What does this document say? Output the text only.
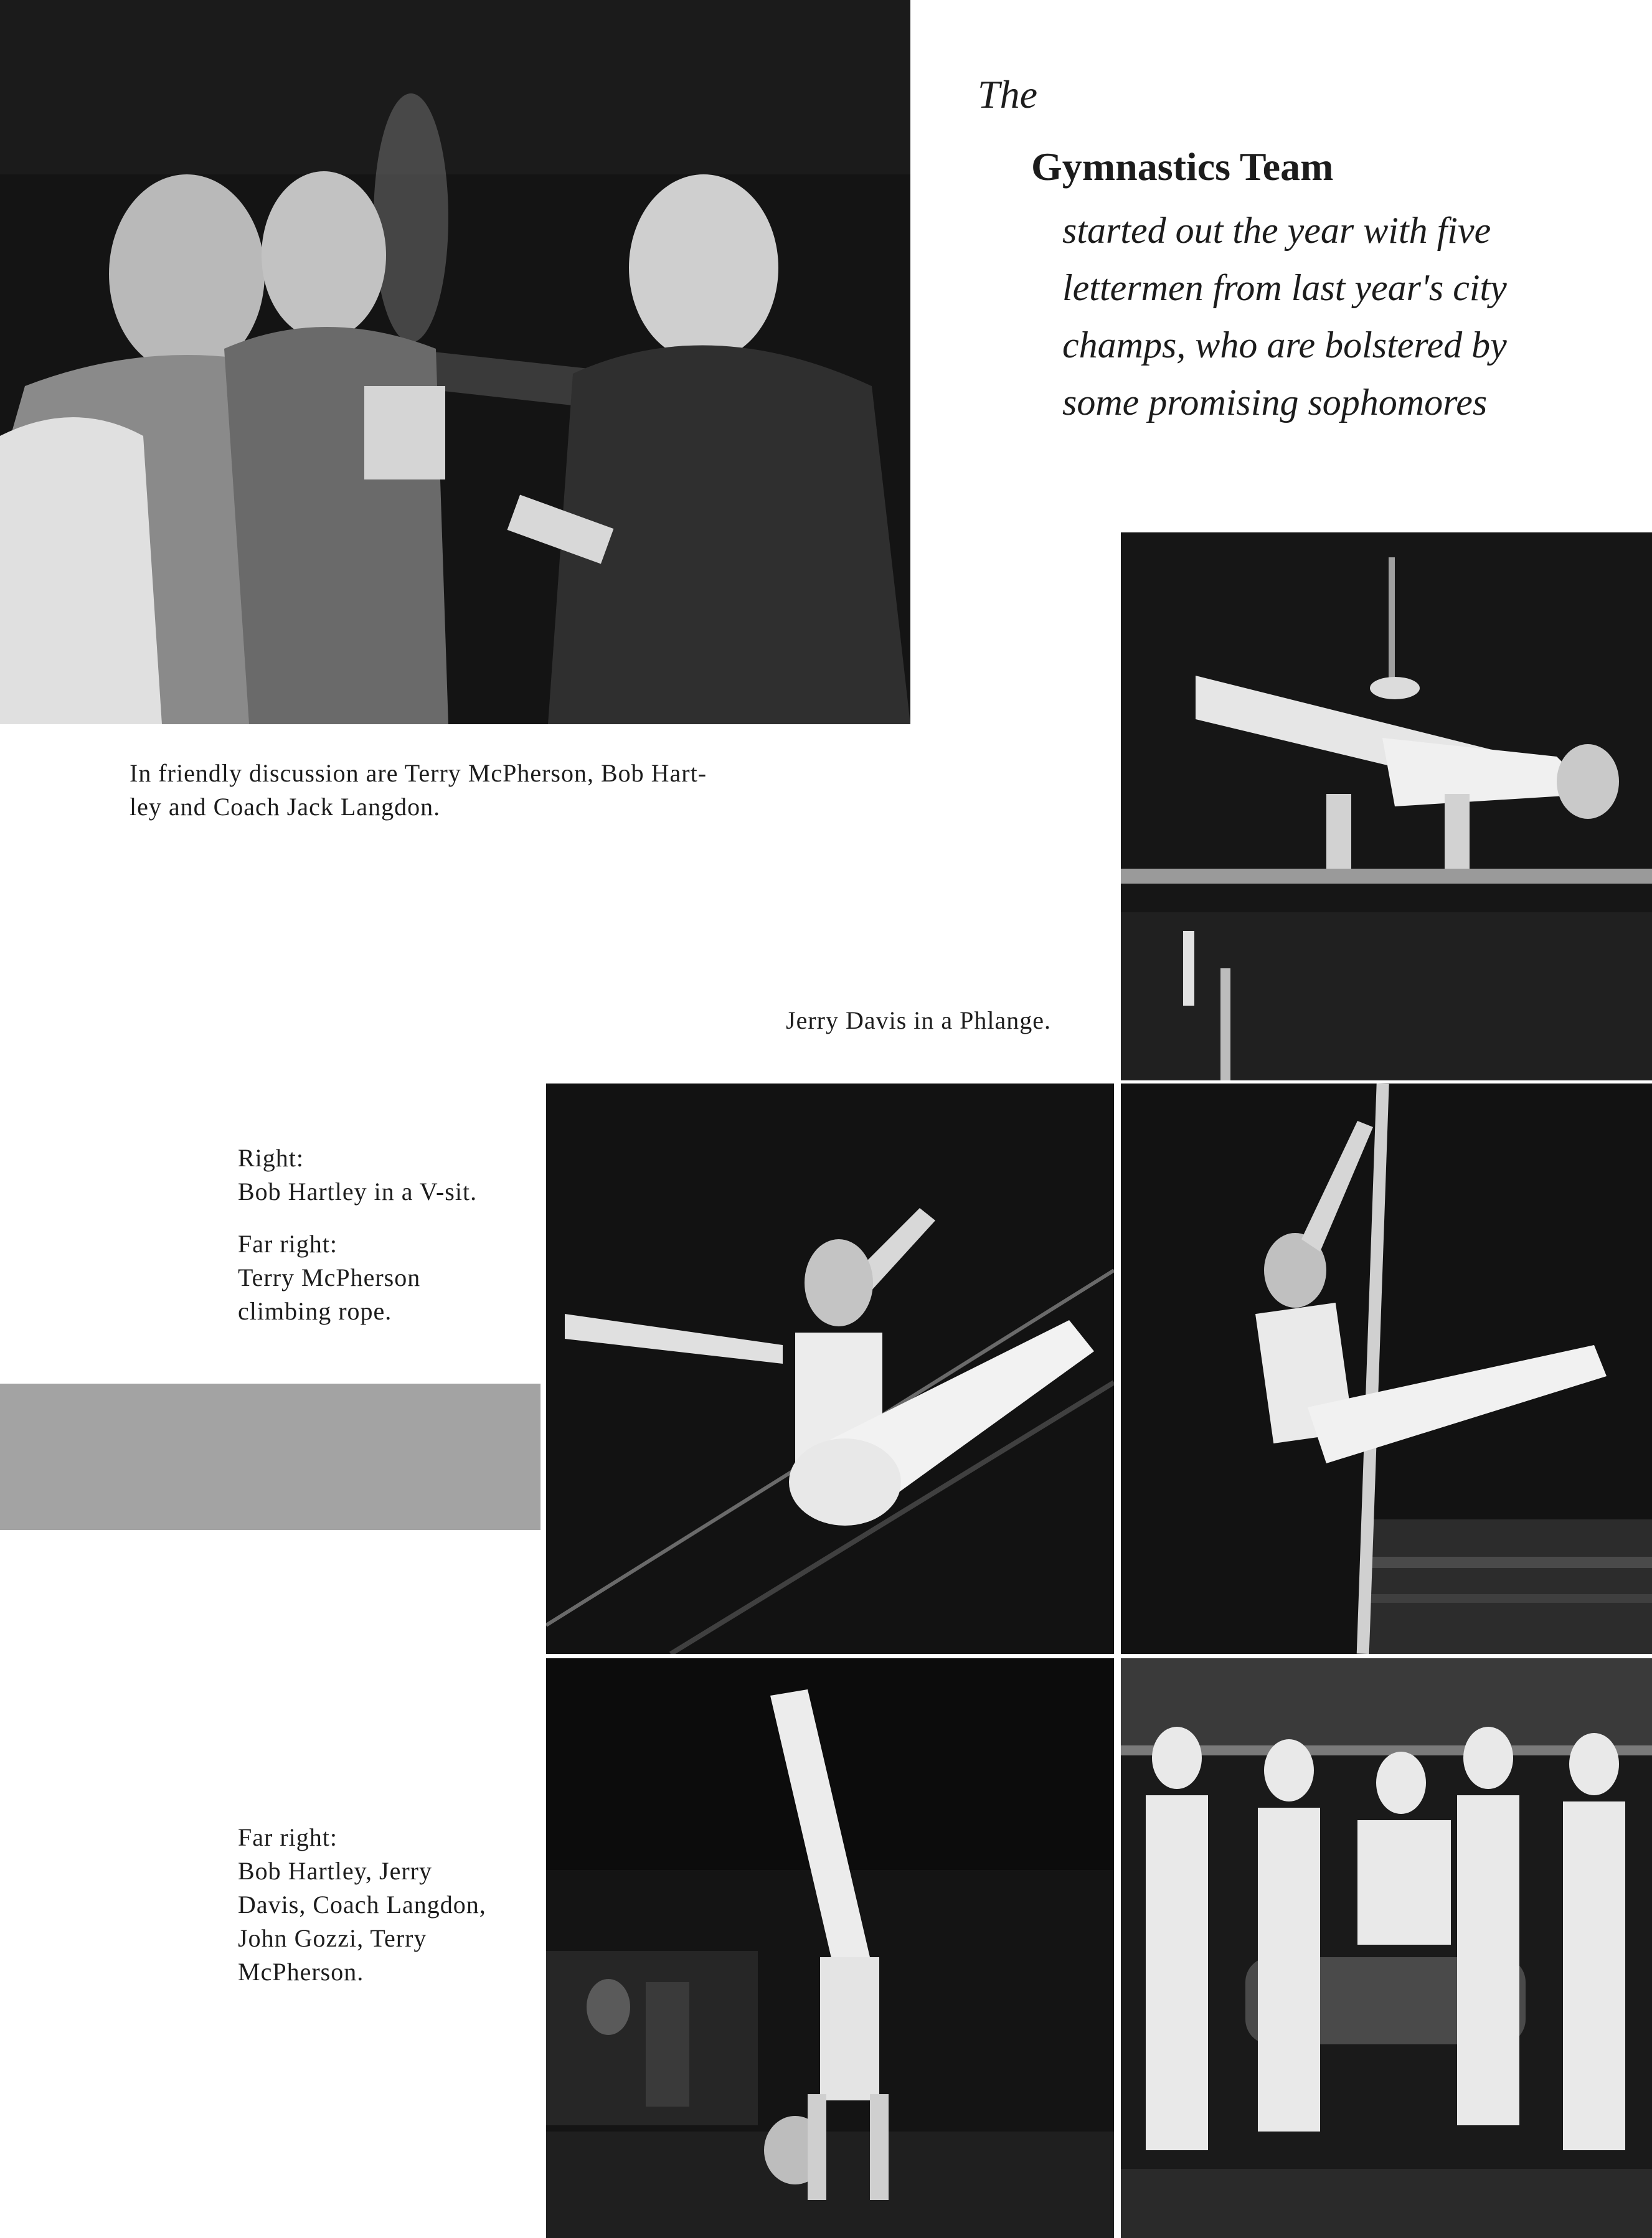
The
Gymnastics Team
started out the year with five
lettermen from last year's city
champs, who are bolstered by
some promising sophomores
In friendly discussion are Terry McPherson, Bob Hart-
ley and Coach Jack Langdon.
Jerry Davis in a Phlange.
Right:
Bob Hartley in a V-sit.
Far right:
Terry McPherson
climbing rope.
Far right:
Bob Hartley, Jerry
Davis, Coach Langdon,
John Gozzi, Terry
McPherson.
